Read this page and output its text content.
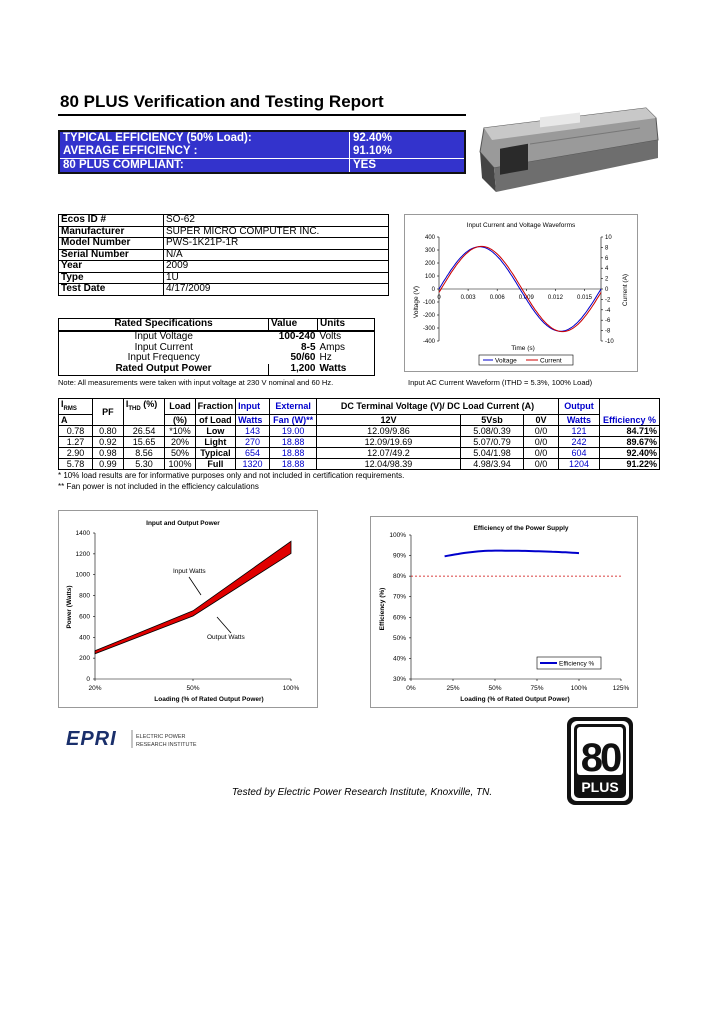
80 PLUS Verification and Testing Report
TYPICAL EFFICIENCY (50% Load):	92.40%
AVERAGE EFFICIENCY :	91.10%
80 PLUS COMPLIANT:	YES
Ecos ID #	SO-62
Manufacturer	SUPER MICRO COMPUTER INC.
Model Number	PWS-1K21P-1R
Serial Number	N/A
Year	2009
Type	1U
Test Date	4/17/2009
Rated Specifications	Value	Units
Input Voltage	100-240	Volts
Input Current	8-5	Amps
Input Frequency	50/60	Hz
Rated Output Power	1,200	Watts
Note: All measurements were taken with input voltage at 230 V nominal and 60 Hz.	Input AC Current Waveform (ITHD = 5.3%, 100% Load)
Input Current and Voltage Waveforms
400
300
200
100
0
-100
-200
-300
-400
10
8
6
4
2
0
-2
-4
-6
-8
-10
0	0.003 0.006 0.009 0.012 0.015
Time (s)
Voltage (V)	Current (A)
Voltage	Current
$I_{RMS}$	PF	$I_{THD}$ (%)	Load	Fraction	Input	External	DC Terminal Voltage (V)/ DC Load Current (A)			Output	
A			(%)	of Load	Watts	Fan (W)**	12V	5Vsb	0V	Watts	Efficiency %
0.78	0.80	26.54	*10%	Low	143	19.00	12.09/9.86	5.08/0.39	0/0	121	84.71%
1.27	0.92	15.65	20%	Light	270	18.88	12.09/19.69	5.07/0.79	0/0	242	89.67%
2.90	0.98	8.56	50%	Typical	654	18.88	12.07/49.2	5.04/1.98	0/0	604	92.40%
5.78	0.99	5.30	100%	Full	1320	18.88	12.04/98.39	4.98/3.94	0/0	1204	91.22%
* 10% load results are for informative purposes only and not included in certification requirements.
** Fan power is not included in the efficiency calculations
Input and Output Power
1400
1200
1000
800
600
400
200
0
20%	50%	100%
Input Watts
Output Watts
Loading (% of Rated Output Power)
Power (Watts)
Efficiency of the Power Supply
100%
90%
80%
70%
60%
50%
40%
30%
0%	25%	50%	75%	100%	125%
Efficiency %
Loading (% of Rated Output Power)
Efficiency (%)
EPRI	ELECTRIC POWER
RESEARCH INSTITUTE	80
PLUS
Tested by Electric Power Research Institute, Knoxville, TN.
